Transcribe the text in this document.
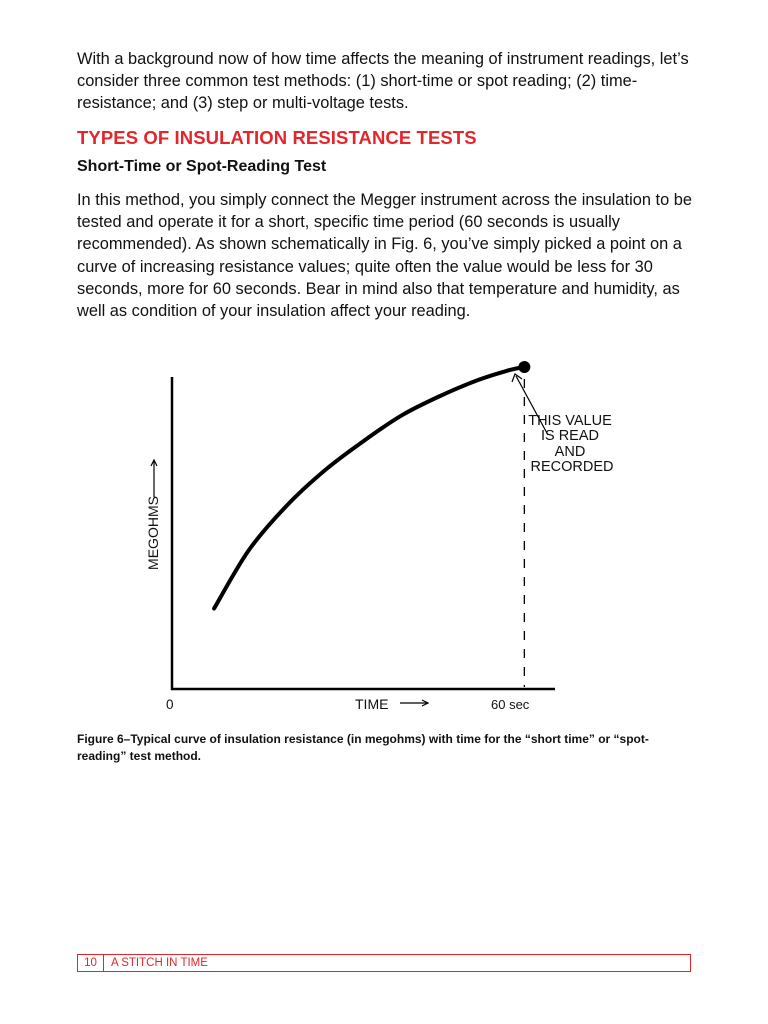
With a background now of how time affects the meaning of instrument readings, let’s consider three common test methods: (1) short-time or spot reading; (2) time-resistance; and (3) step or multi-voltage tests.

TYPES OF INSULATION RESISTANCE TESTS
Short-Time or Spot-Reading Test

In this method, you simply connect the Megger instrument across the insulation to be tested and operate it for a short, specific time period (60 seconds is usually recommended). As shown schematically in Fig. 6, you’ve simply picked a point on a curve of increasing resistance values; quite often the value would be less for 30 seconds, more for 60 seconds. Bear in mind also that temperature and humidity, as well as condition of your insulation affect your reading.

THIS VALUE IS READ AND RECORDED
MEGOHMS
0	TIME	60 sec

Figure 6–Typical curve of insulation resistance (in megohms) with time for the “short time” or “spot-reading” test method.

10	A STITCH IN TIME
